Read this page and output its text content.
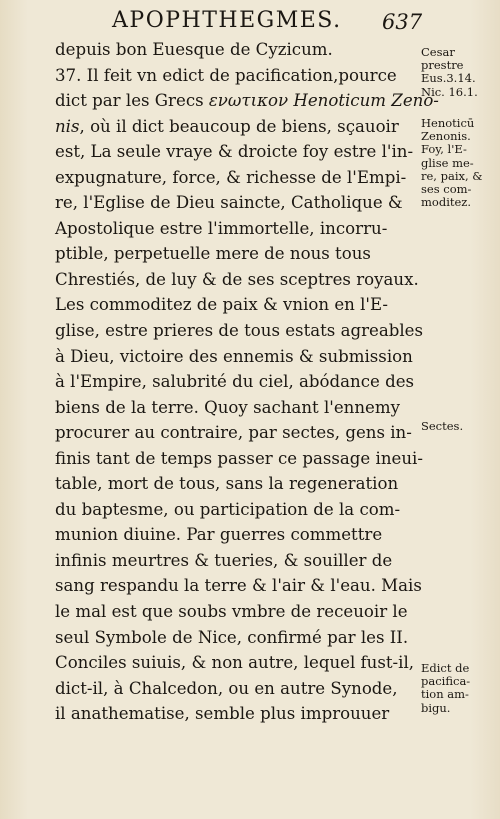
APOPHTHEGMES. 637
depuis bon Euesque de Cyzicum.
37. Il feit vn edict de pacification,pource
dict par les Grecs ενωτικον Henoticum Zeno-
nis, où il dict beaucoup de biens, sçauoir
est, La seule vraye & droicte foy estre l'in-
expugnature, force, & richesse de l'Empi-
re, l'Eglise de Dieu saincte, Catholique &
Apostolique estre l'immortelle, incorru-
ptible, perpetuelle mere de nous tous
Chrestiés, de luy & de ses sceptres royaux.
Les commoditez de paix & vnion en l'E-
glise, estre prieres de tous estats agreables
à Dieu, victoire des ennemis & submission
à l'Empire, salubrité du ciel, abódance des
biens de la terre. Quoy sachant l'ennemy
procurer au contraire, par sectes, gens in-
finis tant de temps passer ce passage ineui-
table, mort de tous, sans la regeneration
du baptesme, ou participation de la com-
munion diuine. Par guerres commettre
infinis meurtres & tueries, & souiller de
sang respandu la terre & l'air & l'eau. Mais
le mal est que soubs vmbre de receuoir le
seul Symbole de Nice, confirmé par les II.
Conciles suiuis, & non autre, lequel fust-il,
dict-il, à Chalcedon, ou en autre Synode,
il anathematise, semble plus improuuer
Cesar
prestre
Eus.3.14.
Nic. 16.1.
Henoticū
Zenonis.
Foy, l'E-
glise me-
re, paix, &
ses com-
moditez.
Sectes.
Edict de
pacifica-
tion am-
bigu.
